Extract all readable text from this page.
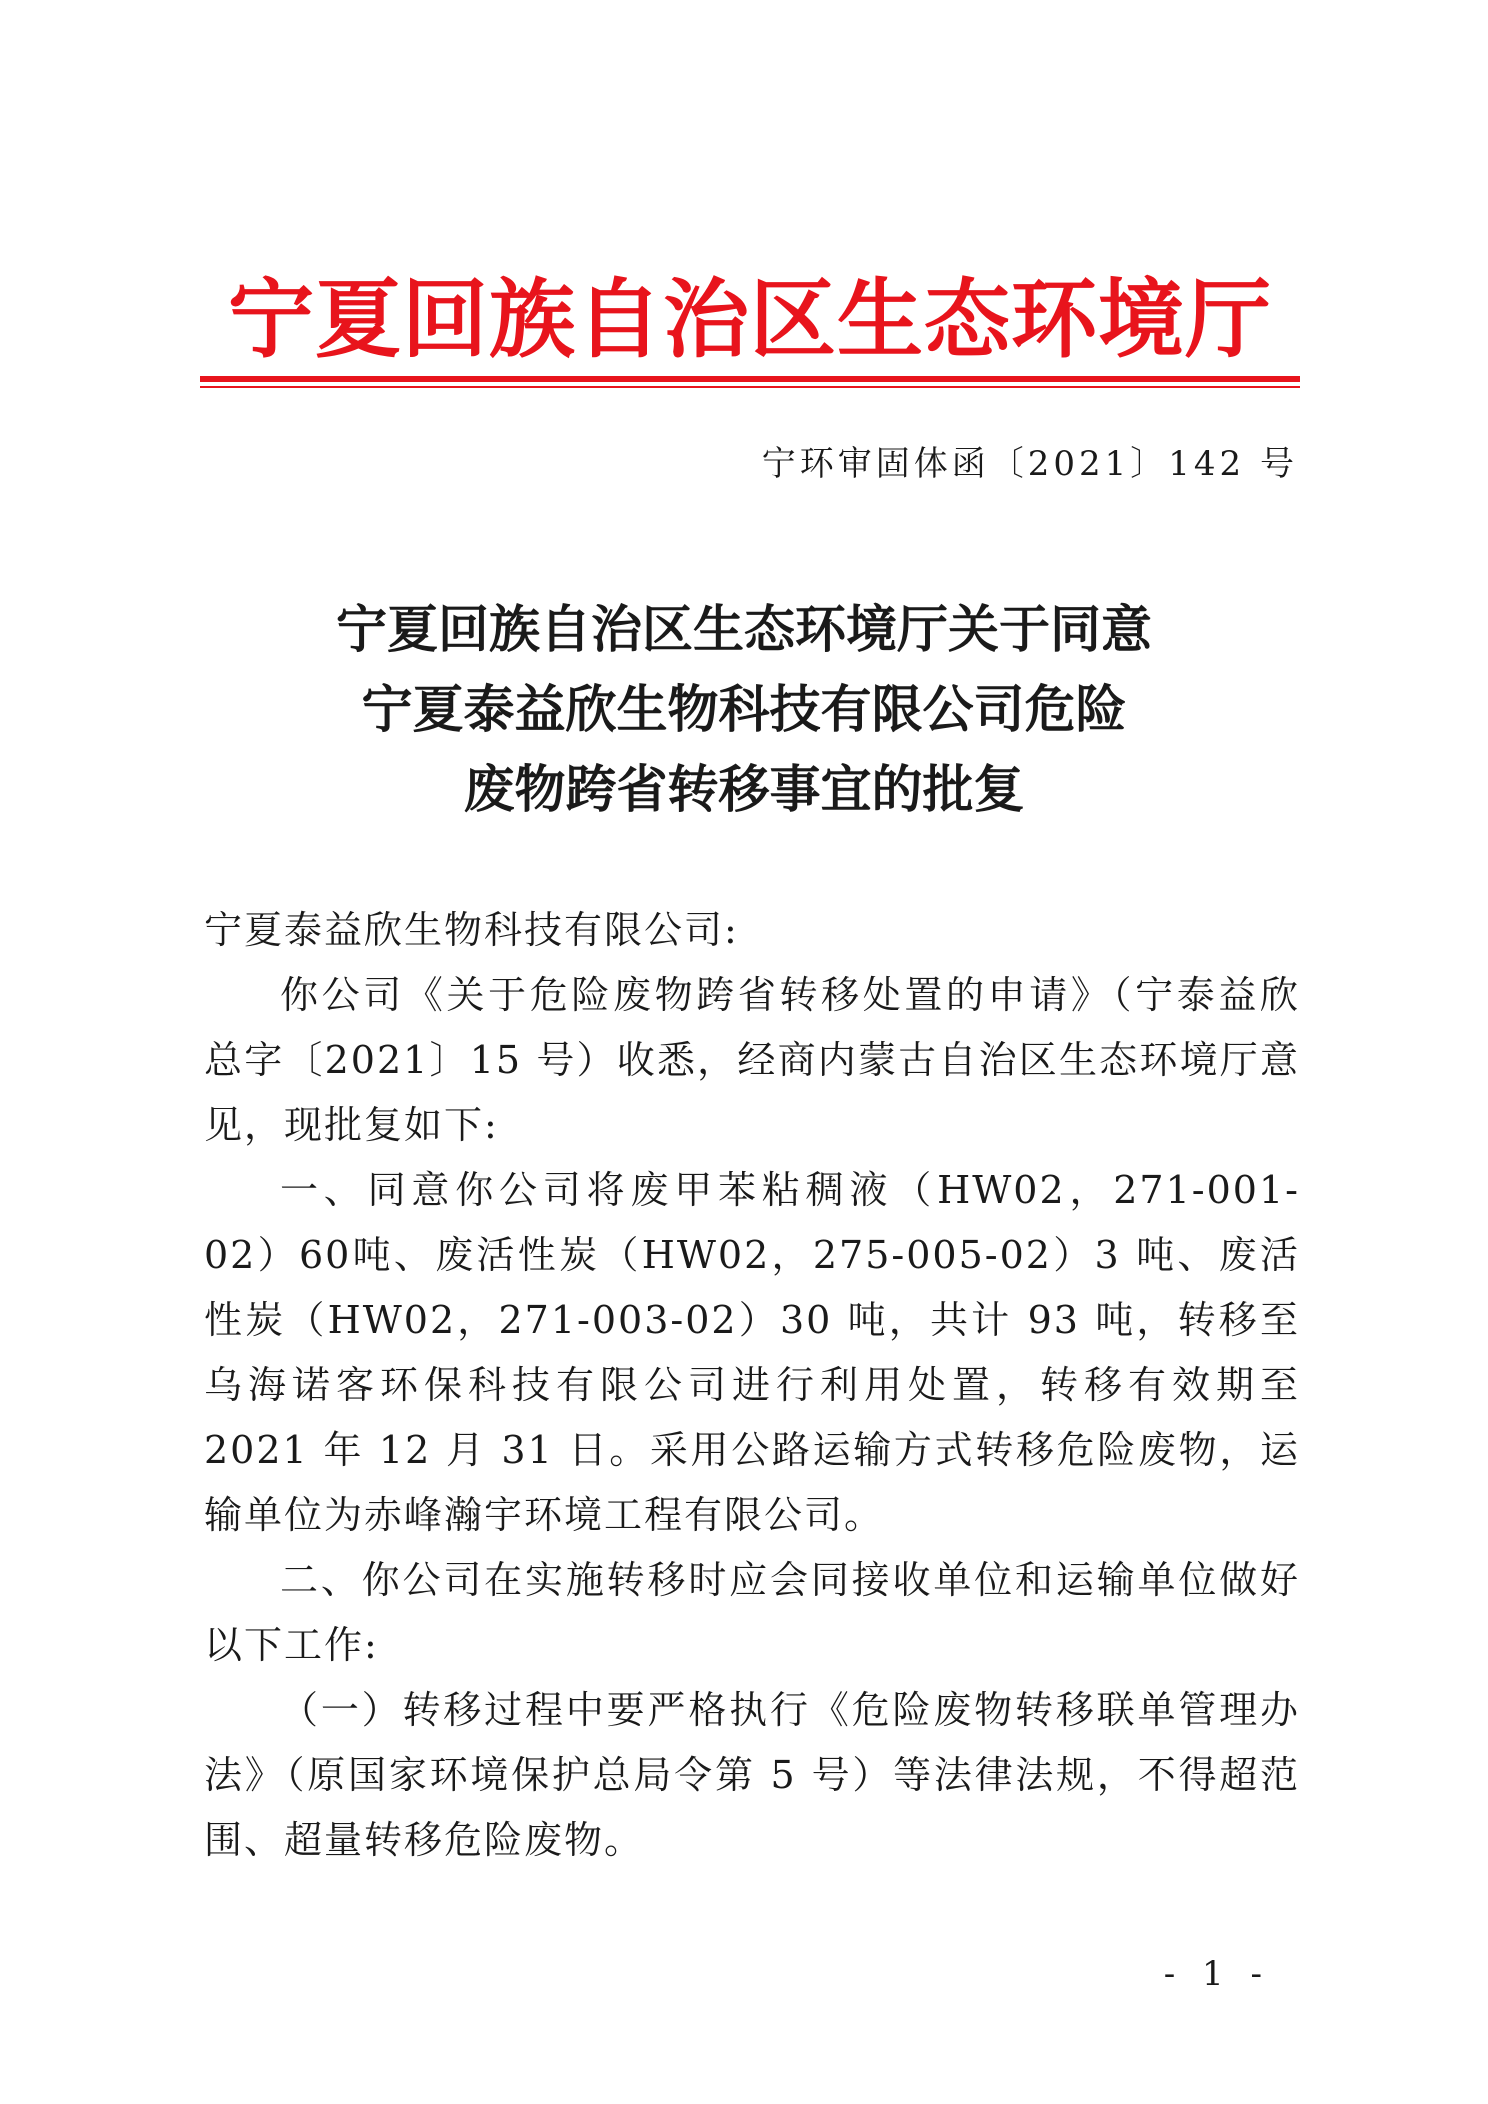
宁夏回族自治区生态环境厅
宁环审固体函〔2021〕142 号
宁夏回族自治区生态环境厅关于同意
宁夏泰益欣生物科技有限公司危险
废物跨省转移事宜的批复

宁夏泰益欣生物科技有限公司:

你公司《关于危险废物跨省转移处置的申请》（宁泰益欣总字〔2021〕15 号）收悉，经商内蒙古自治区生态环境厅意见，现批复如下:

一、同意你公司将废甲苯粘稠液（HW02，271-001-02）60吨、废活性炭（HW02，275-005-02）3 吨、废活性炭（HW02，271-003-02）30 吨，共计 93 吨，转移至乌海诺客环保科技有限公司进行利用处置，转移有效期至 2021 年 12 月 31 日。采用公路运输方式转移危险废物，运输单位为赤峰瀚宇环境工程有限公司。

二、你公司在实施转移时应会同接收单位和运输单位做好以下工作:

（一）转移过程中要严格执行《危险废物转移联单管理办法》（原国家环境保护总局令第 5 号）等法律法规，不得超范围、超量转移危险废物。

- 1 -
